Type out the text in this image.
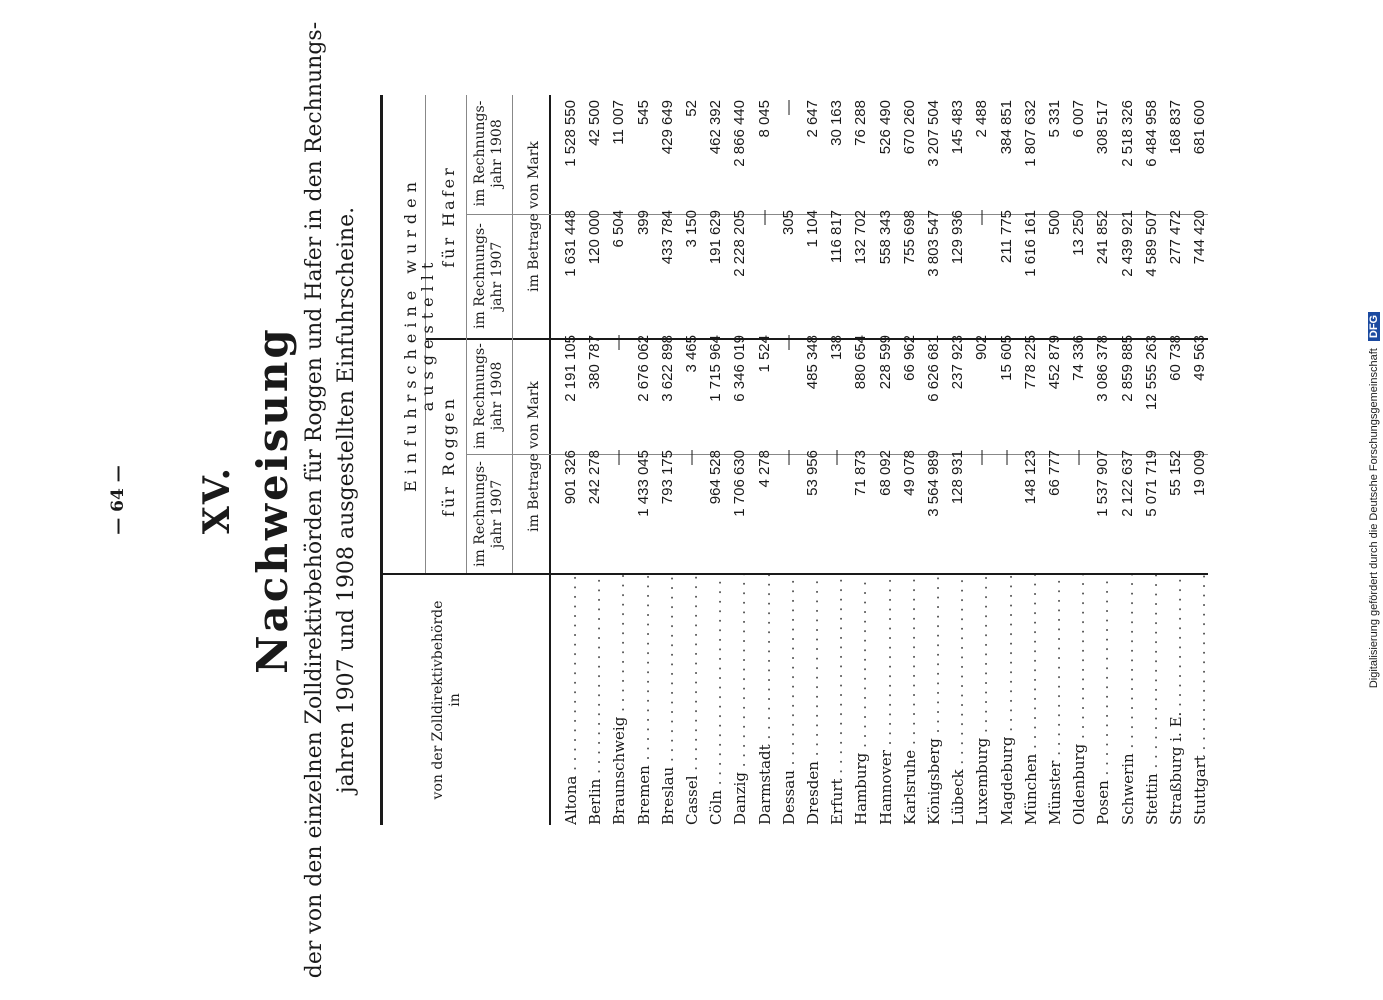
— 64 — XV. Nachweisung der von den einzelnen Zolldirektivbehörden für Roggen und Hafer in den Rechnungs- jahren 1907 und 1908 ausgestellten Einfuhrscheine.	von der Zolldirektivbehörde in
Einfuhrscheine wurden ausgestellt
für Roggen
für Hafer
im Rechnungs- jahr 1907
im Rechnungs- jahr 1908
im Rechnungs- jahr 1907
im Rechnungs- jahr 1908
im Betrage von Mark
im Betrage von Mark
Altona . . .
901 326
2 191 105
1 631 448
1 528 550
Berlin . . .
242 278
380 787
120 000
42 500
Braunschweig . . .
—
—
6 504
11 007
Bremen . . .
1 433 045
2 676 062
399
545
Breslau . . .
793 175
3 622 898
433 784
429 649
Cassel . . .
—
3 465
3 150
52
Cöln . . .
964 528
1 715 964
191 629
462 392
Danzig . . .
1 706 630
6 346 019
2 228 205
2 866 440
Darmstadt . . .
4 278
1 524
—
8 045
Dessau . . .
—
—
305
—
Dresden . . .
53 956
485 348
1 104
2 647
Erfurt . . .
—
138
116 817
30 163
Hamburg . . .
71 873
880 654
132 702
76 288
Hannover . . .
68 092
228 599
558 343
526 490
Karlsruhe . . .
49 078
66 962
755 698
670 260
Königsberg . . .
3 564 989
6 626 681
3 803 547
3 207 504
Lübeck . . .
128 931
237 923
129 936
145 483
Luxemburg . . .
—
902
—
2 488
Magdeburg . . .
—
15 605
211 775
384 851
München . . .
148 123
778 225
1 616 161
1 807 632
Münster . . .
66 777
452 879
500
5 331
Oldenburg . . .
—
74 336
13 250
6 007
Posen . . .
1 537 907
3 086 378
241 852
308 517
Schwerin . . .
2 122 637
2 859 885
2 439 921
2 518 326
Stettin . . .
5 071 719
12 555 263
4 589 507
6 484 958
Straßburg i. E. . . .
55 152
60 738
277 472
168 837
Stuttgart . . .
19 009
49 563
744 420
681 600
Digitalisierung gefördert durch die Deutsche Forschungsgemeinschaft DFG
